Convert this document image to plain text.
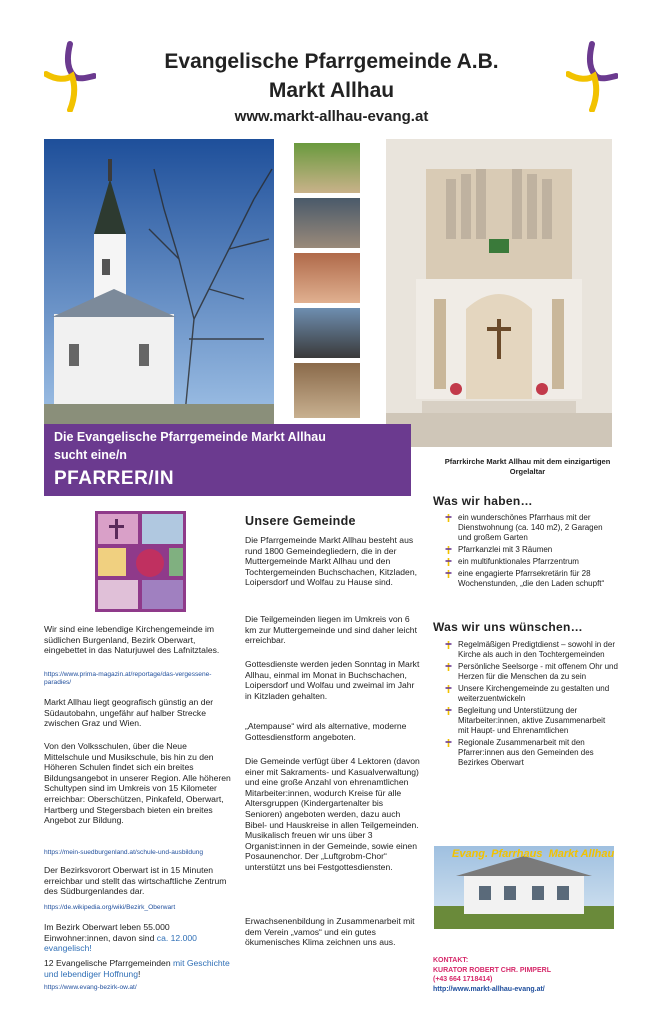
Evangelische Pfarrgemeinde A.B.
Markt Allhau
www.markt-allhau-evang.at
Die Evangelische Pfarrgemeinde Markt Allhau
sucht eine/n
PFARRER/IN
Pfarrkirche Markt Allhau mit dem einzigartigen Orgelaltar
Wir sind eine lebendige Kirchengemeinde im südlichen Burgenland, Bezirk Oberwart, eingebettet in das Naturjuwel des Lafnitztales.
https://www.prima-magazin.at/reportage/das-vergessene-paradies/
Markt Allhau liegt geografisch günstig an der Südautobahn, ungefähr auf halber Strecke zwischen Graz und Wien.
Von den Volksschulen, über die Neue Mittelschule und Musikschule, bis hin zu den Höheren Schulen findet sich ein breites Bildungsangebot in unserer Region. Alle höheren Schultypen sind im Umkreis von 15 Kilometer erreichbar: Oberschützen, Pinkafeld, Oberwart, Hartberg und Stegersbach bieten ein breites Angebot zur Bildung.
https://mein-suedburgenland.at/schule-und-ausbildung
Der Bezirksvorort Oberwart ist in 15 Minuten erreichbar und stellt das wirtschaftliche Zentrum des Südburgenlandes dar.
https://de.wikipedia.org/wiki/Bezirk_Oberwart
Im Bezirk Oberwart leben 55.000 Einwohner:innen, davon sind ca. 12.000 evangelisch!
12 Evangelische Pfarrgemeinden mit Geschichte und lebendiger Hoffnung!
https://www.evang-bezirk-ow.at/
Unsere Gemeinde
Die Pfarrgemeinde Markt Allhau besteht aus rund 1800 Gemeindegliedern, die in der Muttergemeinde Markt Allhau und den Tochtergemeinden Buchschachen, Kitzladen, Loipersdorf und Wolfau zu Hause sind.
Die Teilgemeinden liegen im Umkreis von 6 km zur Muttergemeinde und sind daher leicht erreichbar.
Gottesdienste werden jeden Sonntag in Markt Allhau, einmal im Monat in Buchschachen, Loipersdorf und Wolfau und zweimal im Jahr in Kitzladen gehalten.
„Atempause“ wird als alternative, moderne Gottesdienstform angeboten.
Die Gemeinde verfügt über 4 Lektoren (davon einer mit Sakraments- und Kasualverwaltung) und eine große Anzahl von ehrenamtlichen Mitarbeiter:innen, wodurch Kreise für alle Altersgruppen (Kindergartenalter bis Senioren) angeboten werden, dazu auch Bibel- und Hauskreise in allen Teilgemeinden. Musikalisch freuen wir uns über 3 Organist:innen in der Gemeinde, sowie einen Posaunenchor. Der „Luftgrobm-Chor“ unterstützt uns bei Festgottesdiensten.
Erwachsenenbildung in Zusammenarbeit mit dem Verein „vamos“ und ein gutes ökumenisches Klima zeichnen uns aus.
Was wir haben…
ein wunderschönes Pfarrhaus mit der Dienstwohnung (ca. 140 m2), 2 Garagen und großem Garten
Pfarrkanzlei mit 3 Räumen
ein multifunktionales Pfarrzentrum
eine engagierte Pfarrsekretärin für 28 Wochenstunden, „die den Laden schupft“
Was wir uns wünschen…
Regelmäßigen Predigtdienst – sowohl in der Kirche als auch in den Tochtergemeinden
Persönliche Seelsorge - mit offenem Ohr und Herzen für die Menschen da zu sein
Unsere Kirchengemeinde zu gestalten und weiterzuentwickeln
Begleitung und Unterstützung der Mitarbeiter:innen, aktive Zusammenarbeit mit Haupt- und Ehrenamtlichen
Regionale Zusammenarbeit mit den Pfarrer:innen aus den Gemeinden des Bezirkes Oberwart
Evang. Pfarrhaus  Markt Allhau
KONTAKT:
KURATOR ROBERT CHR. PIMPERL
(+43 664 1718414)
http://www.markt-allhau-evang.at/
